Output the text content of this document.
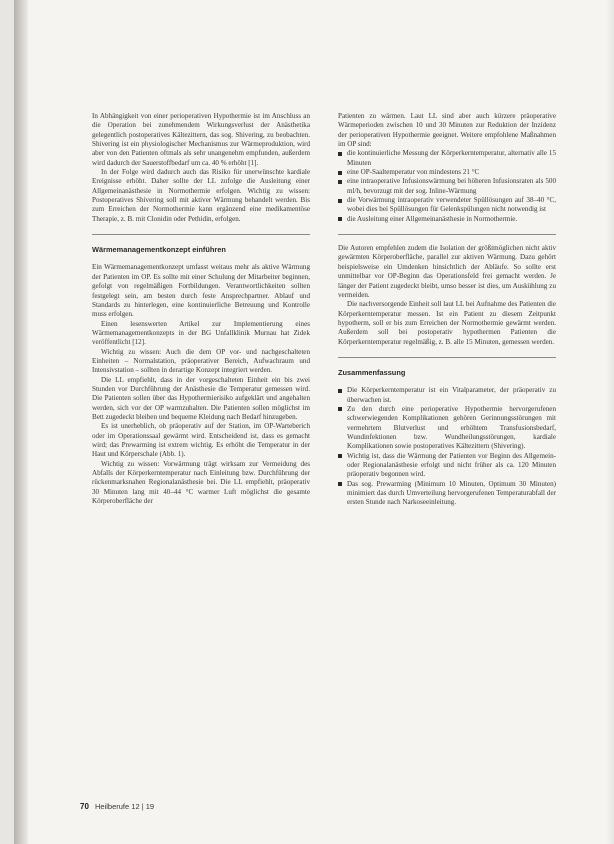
In Abhängigkeit von einer perioperativen Hypothermie ist im Anschluss an die Operation bei zunehmendem Wirkungsverlust der Anästhetika gelegentlich postoperatives Kältezittern, das sog. Shivering, zu beobachten. Shivering ist ein physiologischer Mechanismus zur Wärmeproduktion, wird aber von den Patienten oftmals als sehr unangenehm empfunden, außerdem wird dadurch der Sauerstoffbedarf um ca. 40 % erhöht [1].

In der Folge wird dadurch auch das Risiko für unerwünschte kardiale Ereignisse erhöht. Daher sollte der LL zufolge die Ausleitung einer Allgemeinanästhesie in Normothermie erfolgen. Wichtig zu wissen: Postoperatives Shivering soll mit aktiver Wärmung behandelt werden. Bis zum Erreichen der Normothermie kann ergänzend eine medikamentöse Therapie, z. B. mit Clonidin oder Pethidin, erfolgen.

Wärmemanagementkonzept einführen

Ein Wärmemanagementkonzept umfasst weitaus mehr als aktive Wärmung der Patienten im OP. Es sollte mit einer Schulung der Mitarbeiter beginnen, gefolgt von regelmäßigen Fortbildungen. Verantwortlichkeiten sollten festgelegt sein, am besten durch feste Ansprechpartner. Ablauf und Standards zu hinterlegen, eine kontinuierliche Betreuung und Kontrolle muss erfolgen.

Einen lesenswerten Artikel zur Implementierung eines Wärmemanagementkonzepts in der BG Unfallklinik Murnau hat Zidek veröffentlicht [12].

Wichtig zu wissen: Auch die dem OP vor- und nachgeschalteten Einheiten – Normalstation, präoperativer Bereich, Aufwachraum und Intensivstation – sollten in derartige Konzept integriert werden.

Die LL empfiehlt, dass in der vorgeschalteten Einheit ein bis zwei Stunden vor Durchführung der Anästhesie die Temperatur gemessen wird. Die Patienten sollen über das Hypothermierisiko aufgeklärt und angehalten werden, sich vor der OP warmzuhalten. Die Patienten sollen möglichst im Bett zugedeckt bleiben und bequeme Kleidung nach Bedarf hinzugeben.

Es ist unerheblich, ob präoperativ auf der Station, im OP-Warteberich oder im Operationssaal gewärmt wird. Entscheidend ist, dass es gemacht wird; das Prewarming ist extrem wichtig. Es erhöht die Temperatur in der Haut und Körperschale (Abb. 1).

Wichtig zu wissen: Vorwärmung trägt wirksam zur Vermeidung des Abfalls der Körperkerntemperatur nach Einleitung bzw. Durchführung der rückenmarksnahen Regionalanästhesie bei. Die LL empfiehlt, präoperativ 30 Minuten lang mit 40–44 °C warmer Luft möglichst die gesamte Körperoberfläche der

Patienten zu wärmen. Laut LL sind aber auch kürzere präoperative Wärmeperioden zwischen 10 und 30 Minuten zur Reduktion der Inzidenz der perioperativen Hypothermie geeignet. Weitere empfohlene Maßnahmen im OP sind:

die kontinuierliche Messung der Körperkerntemperatur, alternativ alle 15 Minuten
eine OP-Saaltemperatur von mindestens 21 °C
eine intraoperative Infusionswärmung bei höheren Infusionsraten als 500 ml/h, bevorzugt mit der sog. Inline-Wärmung
die Vorwärmung intraoperativ verwendeter Spüllösungen auf 38–40 °C, wobei dies bei Spüllösungen für Gelenkspülungen nicht notwendig ist
die Ausleitung einer Allgemeinanästhesie in Normothermie.

Die Autoren empfehlen zudem die Isolation der größtmöglichen nicht aktiv gewärmten Körperoberfläche, parallel zur aktiven Wärmung. Dazu gehört beispielsweise ein Umdenken hinsichtlich der Abläufe. So sollte erst unmittelbar vor OP-Beginn das Operationsfeld frei gemacht werden. Je länger der Patient zugedeckt bleibt, umso besser ist dies, um Auskühlung zu vermeiden.

Die nachversorgende Einheit soll laut LL bei Aufnahme des Patienten die Körperkerntemperatur messen. Ist ein Patient zu diesem Zeitpunkt hypotherm, soll er bis zum Erreichen der Normothermie gewärmt werden. Außerdem soll bei postoperativ hypothermen Patienten die Körperkerntemperatur regelmäßig, z. B. alle 15 Minuten, gemessen werden.

Zusammenfassung
Die Körperkerntemperatur ist ein Vitalparameter, der präoperativ zu überwachen ist.
Zu den durch eine perioperative Hypothermie hervorgerufenen schwerwiegenden Komplikationen gehören Gerinnungsstörungen mit vermehrtem Blutverlust und erhöhtem Transfusionsbedarf, Wundinfektionen bzw. Wundheilungsstörungen, kardiale Komplikationen sowie postoperatives Kältezittern (Shivering).
Wichtig ist, dass die Wärmung der Patienten vor Beginn des Allgemein- oder Regionalanästhesie erfolgt und nicht früher als ca. 120 Minuten präoperativ begonnen wird.
Das sog. Prewarming (Minimum 10 Minuten, Optimum 30 Minuten) minimiert das durch Umverteilung hervorgerufenen Temperaturabfall der ersten Stunde nach Narkoseeinleitung.
70 Heilberufe 12 | 19
